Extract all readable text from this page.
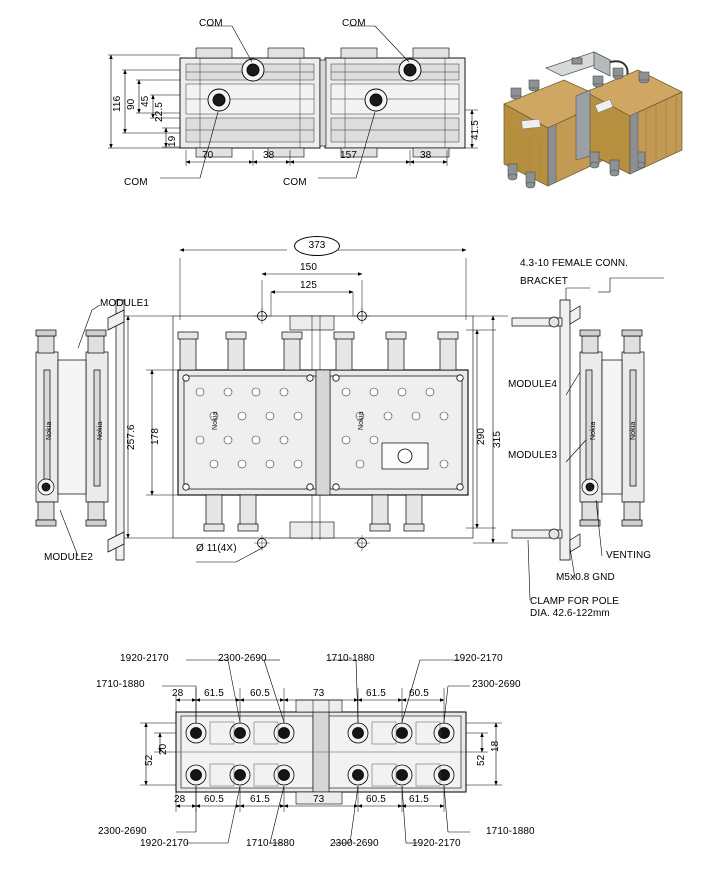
COM	COM
COM	COM
116 90 45
22.5
19
70	38	157	38
41.5
373
150
125
257.6 178	290 315
Ø 11(4X)
MODULE1
MODULE2
MODULE4
MODULE3
4.3-10 FEMALE CONN.
BRACKET
VENTING
M5x0.8 GND
CLAMP FOR POLE
DIA. 42.6-122mm
Nokia	Nokia
Nokia	Nokia	Nokia	Nokia
1710-1880
1920-2170	2300-2690	1710-1880	1920-2170
2300-2690
28 61.5	60.5	73	61.5 60.5
28 60.5	61.5	73	60.5 61.5
52
20
52
18
2300-2690
1920-2170	1710-1880	2300-2690	1920-2170
1710-1880
